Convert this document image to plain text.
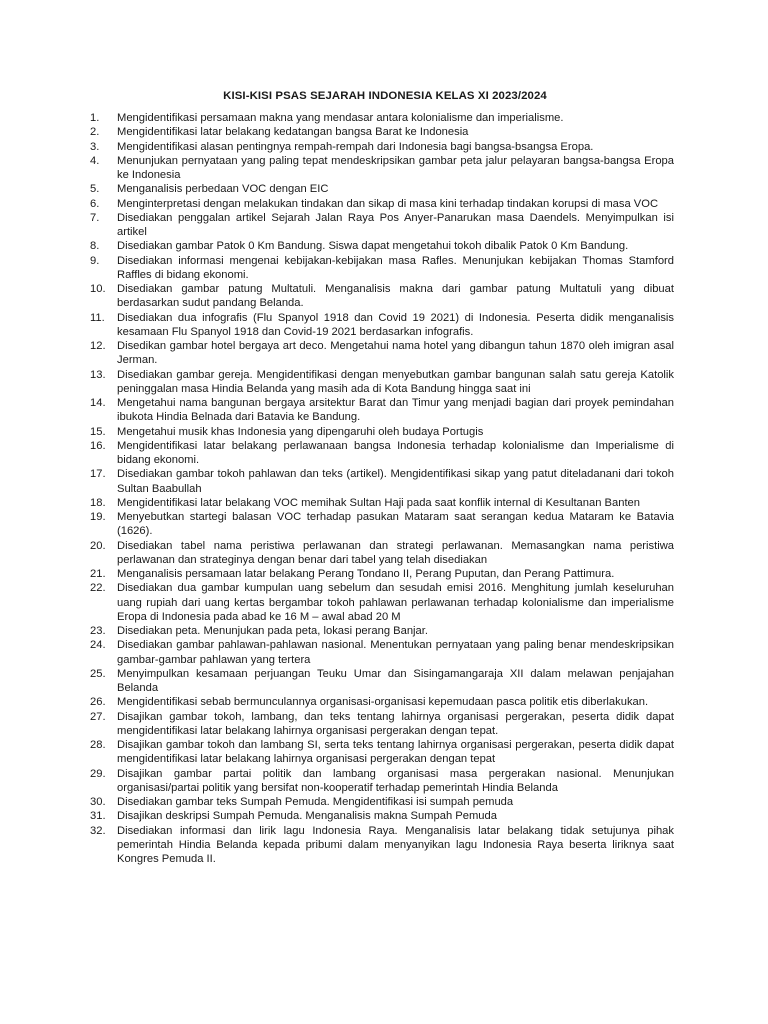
KISI-KISI PSAS SEJARAH INDONESIA KELAS XI 2023/2024
1.	Mengidentifikasi persamaan makna yang mendasar antara kolonialisme dan imperialisme.
2.	Mengidentifikasi latar belakang kedatangan bangsa Barat ke Indonesia
3.	Mengidentifikasi alasan pentingnya rempah-rempah dari Indonesia bagi bangsa-bsangsa Eropa.
4.	Menunjukan pernyataan yang paling tepat mendeskripsikan gambar peta jalur pelayaran bangsa-bangsa Eropa ke Indonesia
5.	Menganalisis perbedaan VOC dengan EIC
6.	Menginterpretasi dengan melakukan tindakan dan sikap di masa kini terhadap tindakan korupsi di masa VOC
7.	Disediakan penggalan artikel Sejarah Jalan Raya Pos Anyer-Panarukan masa Daendels. Menyimpulkan isi artikel
8.	Disediakan gambar Patok 0 Km Bandung. Siswa dapat mengetahui tokoh dibalik Patok 0 Km Bandung.
9.	Disediakan informasi mengenai kebijakan-kebijakan masa Rafles. Menunjukan kebijakan Thomas Stamford Raffles di bidang ekonomi.
10.	Disediakan gambar patung Multatuli. Menganalisis makna dari gambar patung Multatuli yang dibuat berdasarkan sudut pandang Belanda.
11.	Disediakan dua infografis (Flu Spanyol 1918 dan Covid 19 2021) di Indonesia. Peserta didik menganalisis kesamaan Flu Spanyol 1918 dan Covid-19 2021 berdasarkan infografis.
12.	Disedikan gambar hotel bergaya art deco. Mengetahui nama hotel yang dibangun tahun 1870 oleh imigran asal Jerman.
13.	Disediakan gambar gereja. Mengidentifikasi dengan menyebutkan gambar bangunan salah satu gereja Katolik peninggalan masa Hindia Belanda yang masih ada di Kota Bandung hingga saat ini
14.	Mengetahui nama bangunan bergaya arsitektur Barat dan Timur yang menjadi bagian dari proyek pemindahan ibukota Hindia Belnada dari Batavia ke Bandung.
15.	Mengetahui musik khas Indonesia yang dipengaruhi oleh budaya Portugis
16.	Mengidentifikasi latar belakang perlawanaan bangsa Indonesia terhadap kolonialisme dan Imperialisme di bidang ekonomi.
17.	Disediakan gambar tokoh pahlawan dan teks (artikel). Mengidentifikasi sikap yang patut diteladanani dari tokoh Sultan Baabullah
18.	Mengidentifikasi latar belakang VOC memihak Sultan Haji pada saat konflik internal di Kesultanan Banten
19.	Menyebutkan startegi balasan VOC terhadap pasukan Mataram saat serangan kedua Mataram ke Batavia (1626).
20.	Disediakan tabel nama peristiwa perlawanan dan strategi perlawanan. Memasangkan nama peristiwa perlawanan dan strateginya dengan benar dari tabel yang telah disediakan
21.	Menganalisis persamaan latar belakang Perang Tondano II, Perang Puputan, dan Perang Pattimura.
22.	Disediakan dua gambar kumpulan uang sebelum dan sesudah emisi 2016. Menghitung jumlah keseluruhan uang rupiah dari uang kertas bergambar tokoh pahlawan perlawanan terhadap kolonialisme dan imperialisme Eropa di Indonesia pada abad ke 16 M – awal abad 20 M
23.	Disediakan peta. Menunjukan pada peta, lokasi perang Banjar.
24.	Disediakan gambar pahlawan-pahlawan nasional. Menentukan pernyataan yang paling benar mendeskripsikan gambar-gambar pahlawan yang tertera
25.	Menyimpulkan kesamaan perjuangan Teuku Umar dan Sisingamangaraja XII dalam melawan penjajahan Belanda
26.	Mengidentifikasi sebab bermunculannya organisasi-organisasi kepemudaan pasca politik etis diberlakukan.
27.	Disajikan gambar tokoh, lambang, dan teks tentang lahirnya organisasi pergerakan, peserta didik dapat mengidentifikasi latar belakang lahirnya organisasi pergerakan dengan tepat.
28.	Disajikan gambar tokoh dan lambang SI, serta teks tentang lahirnya organisasi pergerakan, peserta didik dapat mengidentifikasi latar belakang lahirnya organisasi pergerakan dengan tepat
29.	Disajikan gambar partai politik dan lambang organisasi masa pergerakan nasional. Menunjukan organisasi/partai politik yang bersifat non-kooperatif terhadap pemerintah Hindia Belanda
30.	Disediakan gambar teks Sumpah Pemuda. Mengidentifikasi isi sumpah pemuda
31.	Disajikan deskripsi Sumpah Pemuda. Menganalisis makna Sumpah Pemuda
32.	Disediakan informasi dan lirik lagu Indonesia Raya. Menganalisis latar belakang tidak setujunya pihak pemerintah Hindia Belanda kepada pribumi dalam menyanyikan lagu Indonesia Raya beserta liriknya saat Kongres Pemuda II.
